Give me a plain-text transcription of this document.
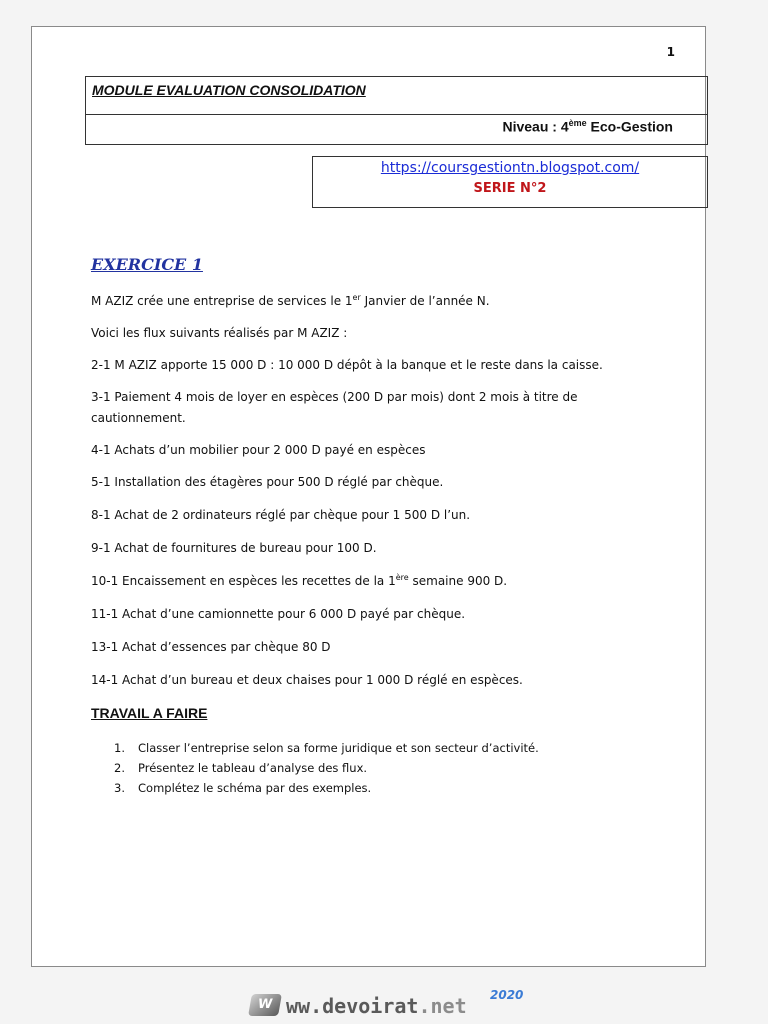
1
MODULE EVALUATION CONSOLIDATION
Niveau : 4ème Eco-Gestion
https://coursgestiontn.blogspot.com/
SERIE N°2
EXERCICE 1

M AZIZ crée une entreprise de services le 1er Janvier de l’année N.

Voici les flux suivants réalisés par M AZIZ :

2-1 M AZIZ apporte 15 000 D : 10 000 D dépôt à la banque et le reste dans la caisse.

3-1 Paiement 4 mois de loyer en espèces (200 D par mois) dont 2 mois à titre de cautionnement.

4-1 Achats d’un mobilier pour 2 000 D payé en espèces

5-1 Installation des étagères pour 500 D réglé par chèque.

8-1 Achat de 2 ordinateurs réglé par chèque pour 1 500 D l’un.

9-1 Achat de fournitures de bureau pour 100 D.

10-1 Encaissement en espèces les recettes de la 1ère semaine 900 D.

11-1 Achat d’une camionnette pour 6 000 D payé par chèque.

13-1 Achat d’essences par chèque 80 D

14-1 Achat d’un bureau et deux chaises pour 1 000 D réglé en espèces.

TRAVAIL A FAIRE
1. Classer l’entreprise selon sa forme juridique et son secteur d’activité.
2. Présentez le tableau d’analyse des flux.
3. Complétez le schéma par des exemples.
W ww.devoirat.net 2020
